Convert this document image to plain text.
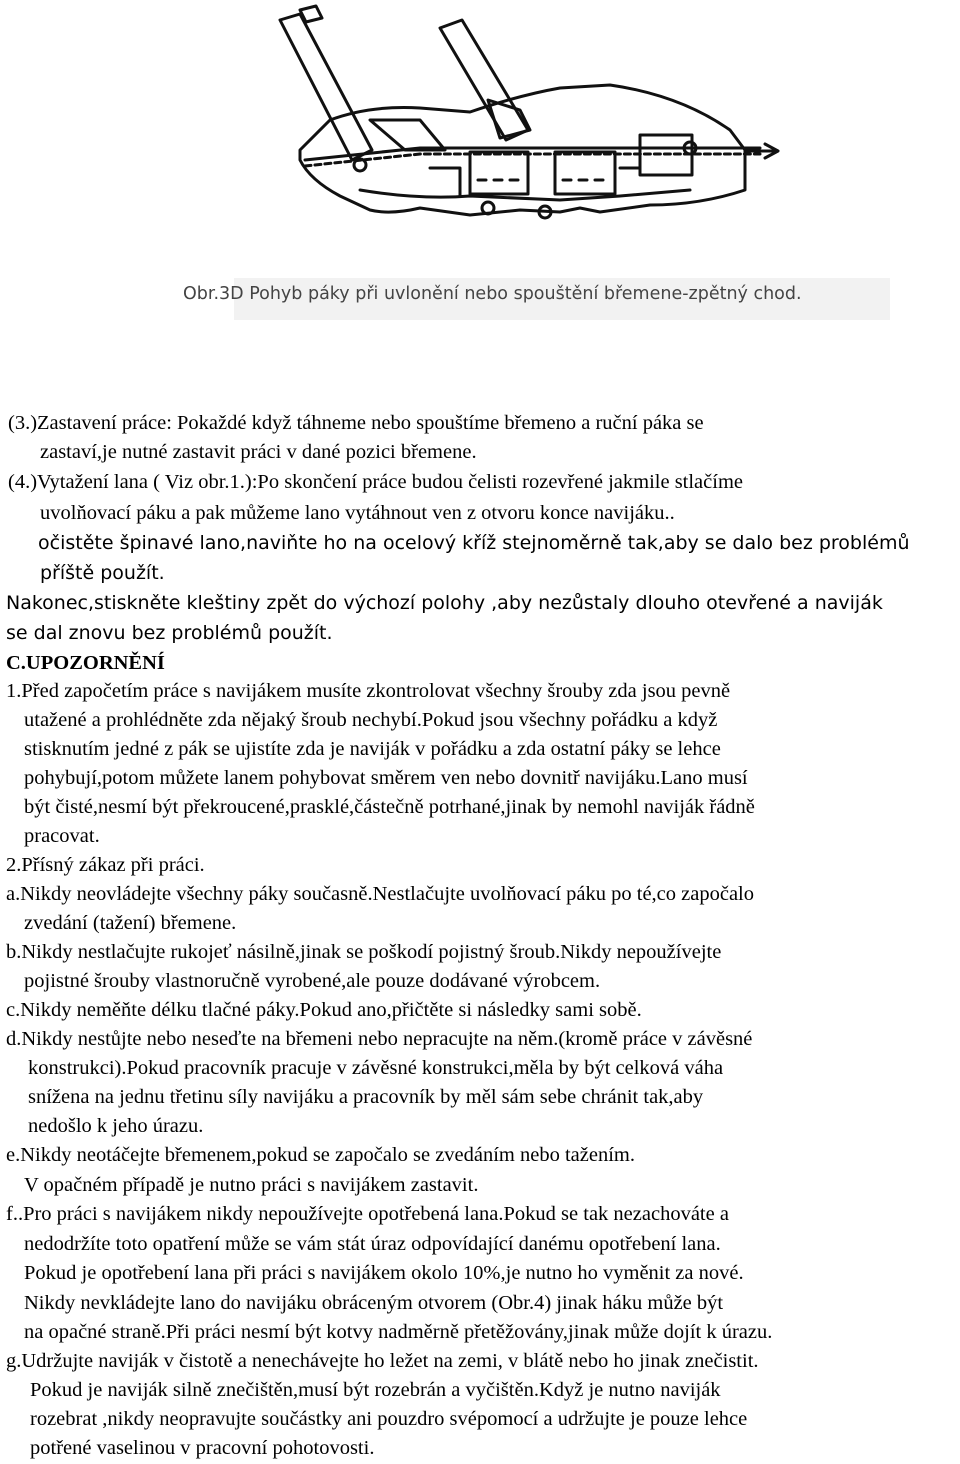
Obr.3D Pohyb páky při uvlonění nebo spouštění břemene-zpětný chod.
(3.)Zastavení práce: Pokaždé když táhneme nebo spouštíme břemeno a ruční páka se
zastaví,je nutné zastavit práci v dané pozici břemene.
(4.)Vytažení lana ( Viz obr.1.):Po skončení práce budou čelisti rozevřené jakmile stlačíme
uvolňovací páku a pak můžeme lano vytáhnout ven z otvoru konce navijáku..
očistěte špinavé lano,naviňte ho na ocelový kříž stejnoměrně tak,aby se dalo bez problémů
příště použít.
Nakonec,stiskněte kleštiny zpět do výchozí polohy ,aby nezůstaly dlouho otevřené a naviják
se dal znovu bez problémů použít.
C.UPOZORNĚNÍ
1.Před započetím práce s navijákem musíte zkontrolovat všechny šrouby zda jsou pevně
utažené a prohlédněte zda nějaký šroub nechybí.Pokud jsou všechny pořádku a když
stisknutím jedné z pák se ujistíte zda je naviják v pořádku a zda ostatní páky se lehce
pohybují,potom můžete lanem pohybovat směrem ven nebo dovnitř navijáku.Lano musí
být čisté,nesmí být překroucené,prasklé,částečně potrhané,jinak by nemohl naviják řádně
pracovat.
2.Přísný zákaz při práci.
a.Nikdy neovládejte všechny páky současně.Nestlačujte uvolňovací páku po té,co započalo
zvedání (tažení) břemene.
b.Nikdy nestlačujte rukojeť násilně,jinak se poškodí pojistný šroub.Nikdy nepoužívejte
pojistné šrouby vlastnoručně vyrobené,ale pouze dodávané výrobcem.
c.Nikdy neměňte délku tlačné páky.Pokud ano,přičtěte si následky sami sobě.
d.Nikdy nestůjte nebo neseďte na břemeni nebo nepracujte na něm.(kromě práce v závěsné
konstrukci).Pokud pracovník pracuje v závěsné konstrukci,měla by být celková váha
snížena na jednu třetinu síly navijáku a pracovník by měl sám sebe chránit tak,aby
nedošlo k jeho úrazu.
e.Nikdy neotáčejte břemenem,pokud se započalo se zvedáním nebo tažením.
V opačném případě je nutno práci s navijákem zastavit.
f..Pro práci s navijákem nikdy nepoužívejte opotřebená lana.Pokud se tak nezachováte a
nedodržíte toto opatření může se vám stát úraz odpovídající danému opotřebení lana.
Pokud je opotřebení lana při práci s navijákem okolo 10%,je nutno ho vyměnit za nové.
Nikdy nevkládejte lano do navijáku obráceným otvorem (Obr.4) jinak háku může být
na opačné straně.Při práci nesmí být kotvy nadměrně přetěžovány,jinak může dojít k úrazu.
g.Udržujte naviják v čistotě a nenechávejte ho ležet na zemi, v blátě nebo ho jinak znečistit.
Pokud je naviják silně znečištěn,musí být rozebrán a vyčištěn.Když je nutno naviják
rozebrat ,nikdy neopravujte součástky ani pouzdro svépomocí a udržujte je pouze lehce
potřené vaselinou v pracovní pohotovosti.
